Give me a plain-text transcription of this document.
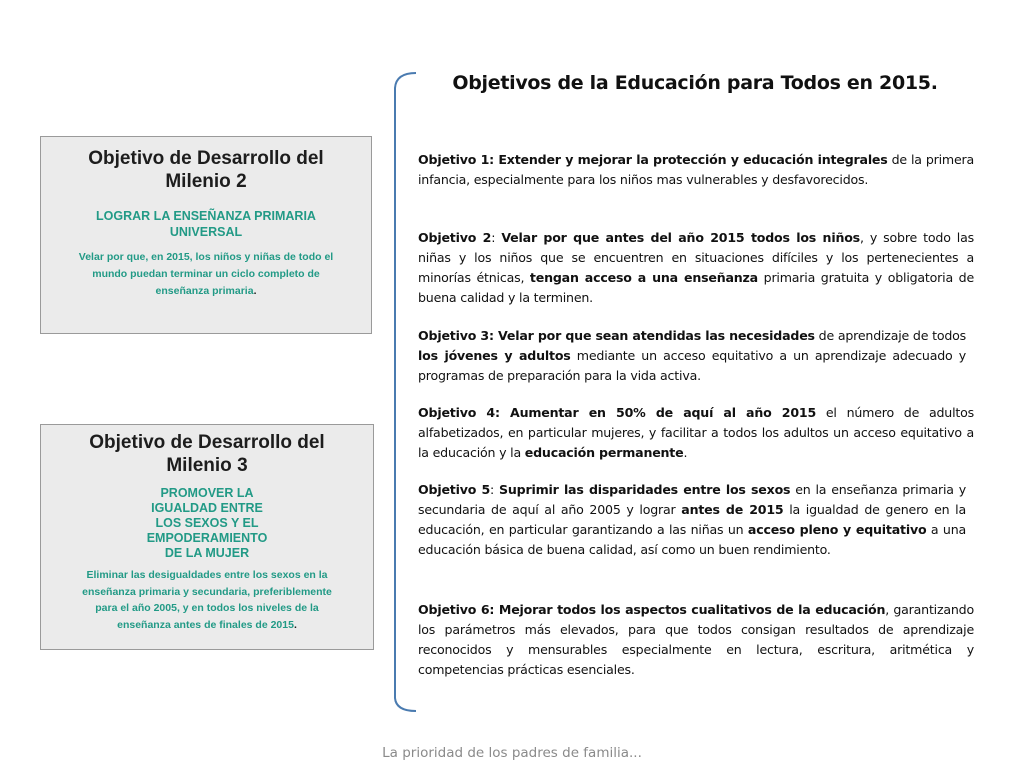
Objetivo de Desarrollo del
Milenio 2
LOGRAR LA ENSEÑANZA PRIMARIA
UNIVERSAL
Velar por que, en 2015, los niños y niñas de todo el
mundo puedan terminar un ciclo completo de
enseñanza primaria.
Objetivo de Desarrollo del
Milenio 3
PROMOVER LA
IGUALDAD ENTRE
LOS SEXOS Y EL
EMPODERAMIENTO
DE LA MUJER
Eliminar las desigualdades entre los sexos en la
enseñanza primaria y secundaria, preferiblemente
para el año 2005, y en todos los niveles de la
enseñanza antes de finales de 2015.
Objetivos de la Educación para Todos en 2015.
Objetivo 1: Extender y mejorar la protección y educación integrales de la primera infancia, especialmente para los niños mas vulnerables y desfavorecidos.
Objetivo 2: Velar por que antes del año 2015 todos los niños, y sobre todo las niñas y los niños que se encuentren en situaciones difíciles y los pertenecientes a minorías étnicas, tengan acceso a una enseñanza primaria gratuita y obligatoria de buena calidad y la terminen.
Objetivo 3: Velar por que sean atendidas las necesidades de aprendizaje de todos los jóvenes y adultos mediante un acceso equitativo a un aprendizaje adecuado y programas de preparación para la vida activa.
Objetivo 4: Aumentar en 50% de aquí al año 2015 el número de adultos alfabetizados, en particular mujeres, y facilitar a todos los adultos un acceso equitativo a la educación y la educación permanente.
Objetivo 5: Suprimir las disparidades entre los sexos en la enseñanza primaria y secundaria de aquí al año 2005 y lograr antes de 2015 la igualdad de genero en la educación, en particular garantizando a las niñas un acceso pleno y equitativo a una educación básica de buena calidad, así como un buen rendimiento.
Objetivo 6: Mejorar todos los aspectos cualitativos de la educación, garantizando los parámetros más elevados, para que todos consigan resultados de aprendizaje reconocidos y mensurables especialmente en lectura, escritura, aritmética y competencias prácticas esenciales.
La prioridad de los padres de familia...
